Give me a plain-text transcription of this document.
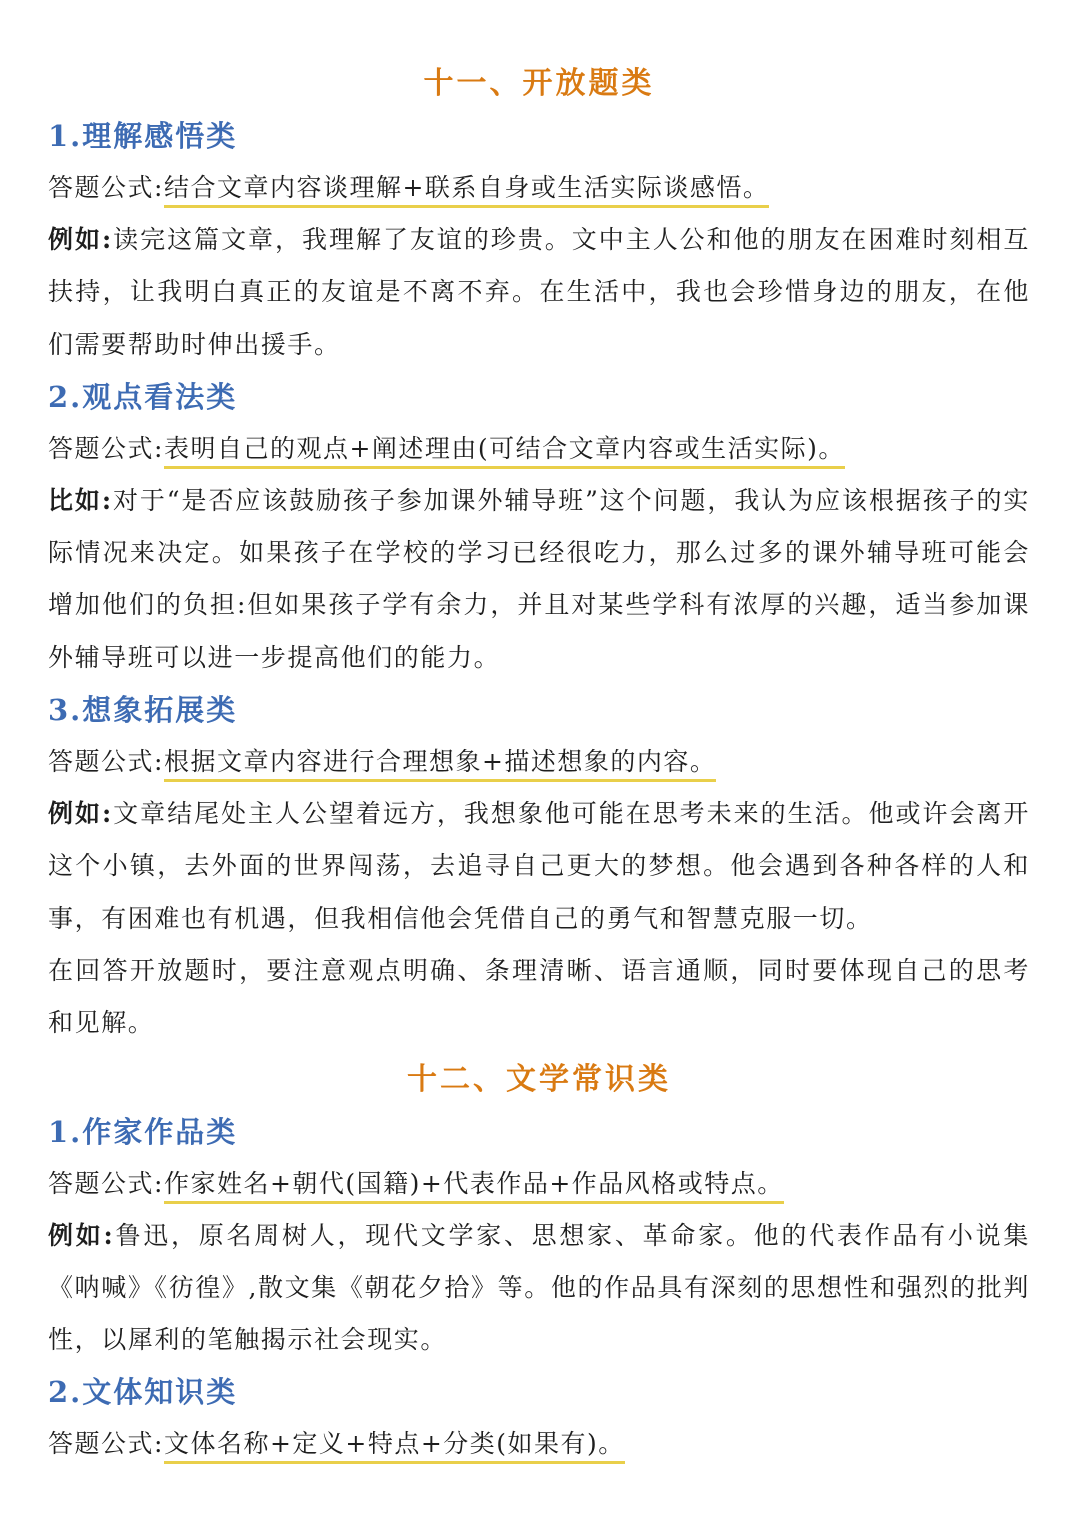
十一、开放题类
1.理解感悟类

答题公式:结合文章内容谈理解+联系自身或生活实际谈感悟。

例如:读完这篇文章，我理解了友谊的珍贵。文中主人公和他的朋友在困难时刻相互扶持，让我明白真正的友谊是不离不弃。在生活中，我也会珍惜身边的朋友，在他们需要帮助时伸出援手。

2.观点看法类

答题公式:表明自己的观点+阐述理由(可结合文章内容或生活实际)。

比如:对于“是否应该鼓励孩子参加课外辅导班”这个问题，我认为应该根据孩子的实际情况来决定。如果孩子在学校的学习已经很吃力，那么过多的课外辅导班可能会增加他们的负担:但如果孩子学有余力，并且对某些学科有浓厚的兴趣，适当参加课外辅导班可以进一步提高他们的能力。

3.想象拓展类

答题公式:根据文章内容进行合理想象+描述想象的内容。

例如:文章结尾处主人公望着远方，我想象他可能在思考未来的生活。他或许会离开这个小镇，去外面的世界闯荡，去追寻自己更大的梦想。他会遇到各种各样的人和事，有困难也有机遇，但我相信他会凭借自己的勇气和智慧克服一切。

在回答开放题时，要注意观点明确、条理清晰、语言通顺，同时要体现自己的思考和见解。

十二、文学常识类
1.作家作品类

答题公式:作家姓名+朝代(国籍)+代表作品+作品风格或特点。

例如:鲁迅，原名周树人，现代文学家、思想家、革命家。他的代表作品有小说集《呐喊》《彷徨》,散文集《朝花夕拾》等。他的作品具有深刻的思想性和强烈的批判性，以犀利的笔触揭示社会现实。

2.文体知识类

答题公式:文体名称+定义+特点+分类(如果有)。
